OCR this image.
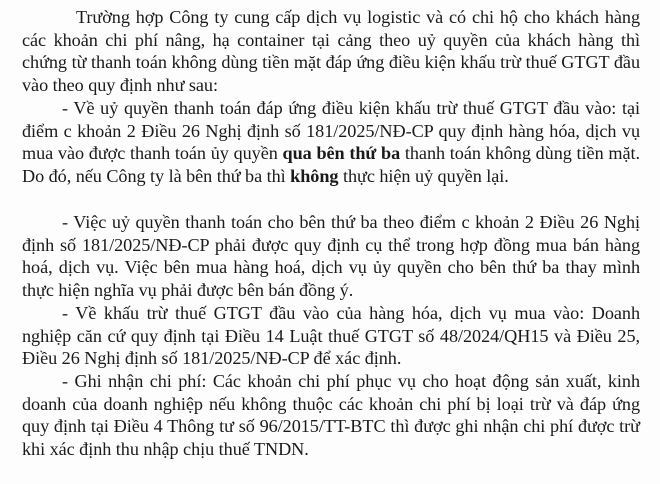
Trường hợp Công ty cung cấp dịch vụ logistic và có chi hộ cho khách hàng các khoản chi phí nâng, hạ container tại cảng theo uỷ quyền của khách hàng thì chứng từ thanh toán không dùng tiền mặt đáp ứng điều kiện khấu trừ thuế GTGT đầu vào theo quy định như sau:

- Về uỷ quyền thanh toán đáp ứng điều kiện khấu trừ thuế GTGT đầu vào: tại điểm c khoản 2 Điều 26 Nghị định số 181/2025/NĐ-CP quy định hàng hóa, dịch vụ mua vào được thanh toán ủy quyền qua bên thứ ba thanh toán không dùng tiền mặt. Do đó, nếu Công ty là bên thứ ba thì không thực hiện uỷ quyền lại.

- Việc uỷ quyền thanh toán cho bên thứ ba theo điểm c khoản 2 Điều 26 Nghị định số 181/2025/NĐ-CP phải được quy định cụ thể trong hợp đồng mua bán hàng hoá, dịch vụ. Việc bên mua hàng hoá, dịch vụ ủy quyền cho bên thứ ba thay mình thực hiện nghĩa vụ phải được bên bán đồng ý.

- Về khấu trừ thuế GTGT đầu vào của hàng hóa, dịch vụ mua vào: Doanh nghiệp căn cứ quy định tại Điều 14 Luật thuế GTGT số 48/2024/QH15 và Điều 25, Điều 26 Nghị định số 181/2025/NĐ-CP để xác định.

- Ghi nhận chi phí: Các khoản chi phí phục vụ cho hoạt động sản xuất, kinh doanh của doanh nghiệp nếu không thuộc các khoản chi phí bị loại trừ và đáp ứng quy định tại Điều 4 Thông tư số 96/2015/TT-BTC thì được ghi nhận chi phí được trừ khi xác định thu nhập chịu thuế TNDN.
